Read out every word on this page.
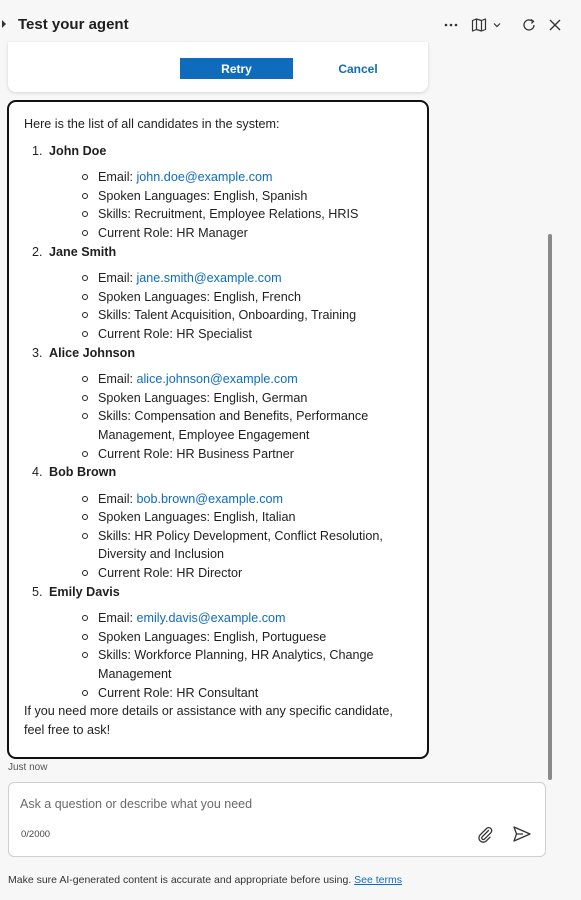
Test your agent
Retry	Cancel
Here is the list of all candidates in the system:
1. John Doe
Email: john.doe@example.com
Spoken Languages: English, Spanish
Skills: Recruitment, Employee Relations, HRIS
Current Role: HR Manager
2. Jane Smith
Email: jane.smith@example.com
Spoken Languages: English, French
Skills: Talent Acquisition, Onboarding, Training
Current Role: HR Specialist
3. Alice Johnson
Email: alice.johnson@example.com
Spoken Languages: English, German
Skills: Compensation and Benefits, Performance Management, Employee Engagement
Current Role: HR Business Partner
4. Bob Brown
Email: bob.brown@example.com
Spoken Languages: English, Italian
Skills: HR Policy Development, Conflict Resolution, Diversity and Inclusion
Current Role: HR Director
5. Emily Davis
Email: emily.davis@example.com
Spoken Languages: English, Portuguese
Skills: Workforce Planning, HR Analytics, Change Management
Current Role: HR Consultant
If you need more details or assistance with any specific candidate, feel free to ask!
Just now
Ask a question or describe what you need
0/2000
Make sure AI-generated content is accurate and appropriate before using. See terms
